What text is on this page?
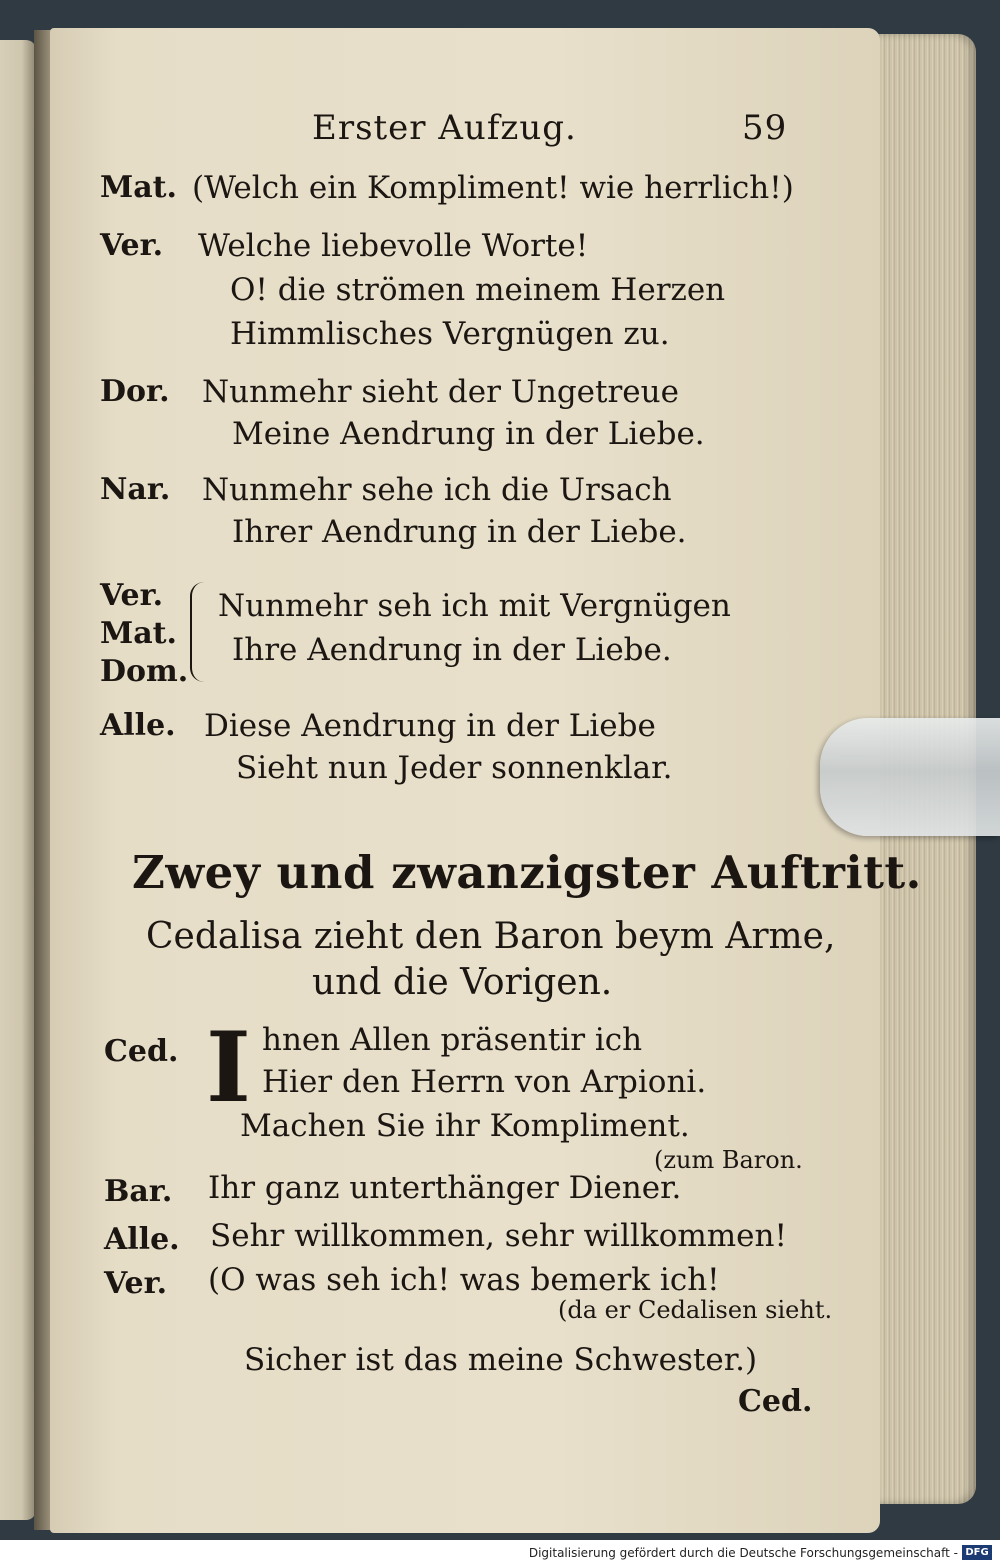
Erster Aufzug.	59
Mat. (Welch ein Kompliment! wie herrlich!)
Ver. Welche liebevolle Worte!
O! die strömen meinem Herzen
Himmlisches Vergnügen zu.
Dor. Nunmehr sieht der Ungetreue
Meine Aendrung in der Liebe.
Nar. Nunmehr sehe ich die Ursach
Ihrer Aendrung in der Liebe.
Ver.
Mat.
Dom.
Nunmehr seh ich mit Vergnügen
Ihre Aendrung in der Liebe.
Alle. Diese Aendrung in der Liebe
Sieht nun Jeder sonnenklar.
Zwey und zwanzigster Auftritt.
Cedalisa zieht den Baron beym Arme,
und die Vorigen.
Ced. I hnen Allen präsentir ich
Hier den Herrn von Arpioni.
Machen Sie ihr Kompliment.
(zum Baron.
Bar. Ihr ganz unterthänger Diener.
Alle. Sehr willkommen, sehr willkommen!
Ver. (O was seh ich! was bemerk ich!
(da er Cedalisen sieht.
Sicher ist das meine Schwester.)
Ced.
Digitalisierung gefördert durch die Deutsche Forschungsgemeinschaft - DFG
